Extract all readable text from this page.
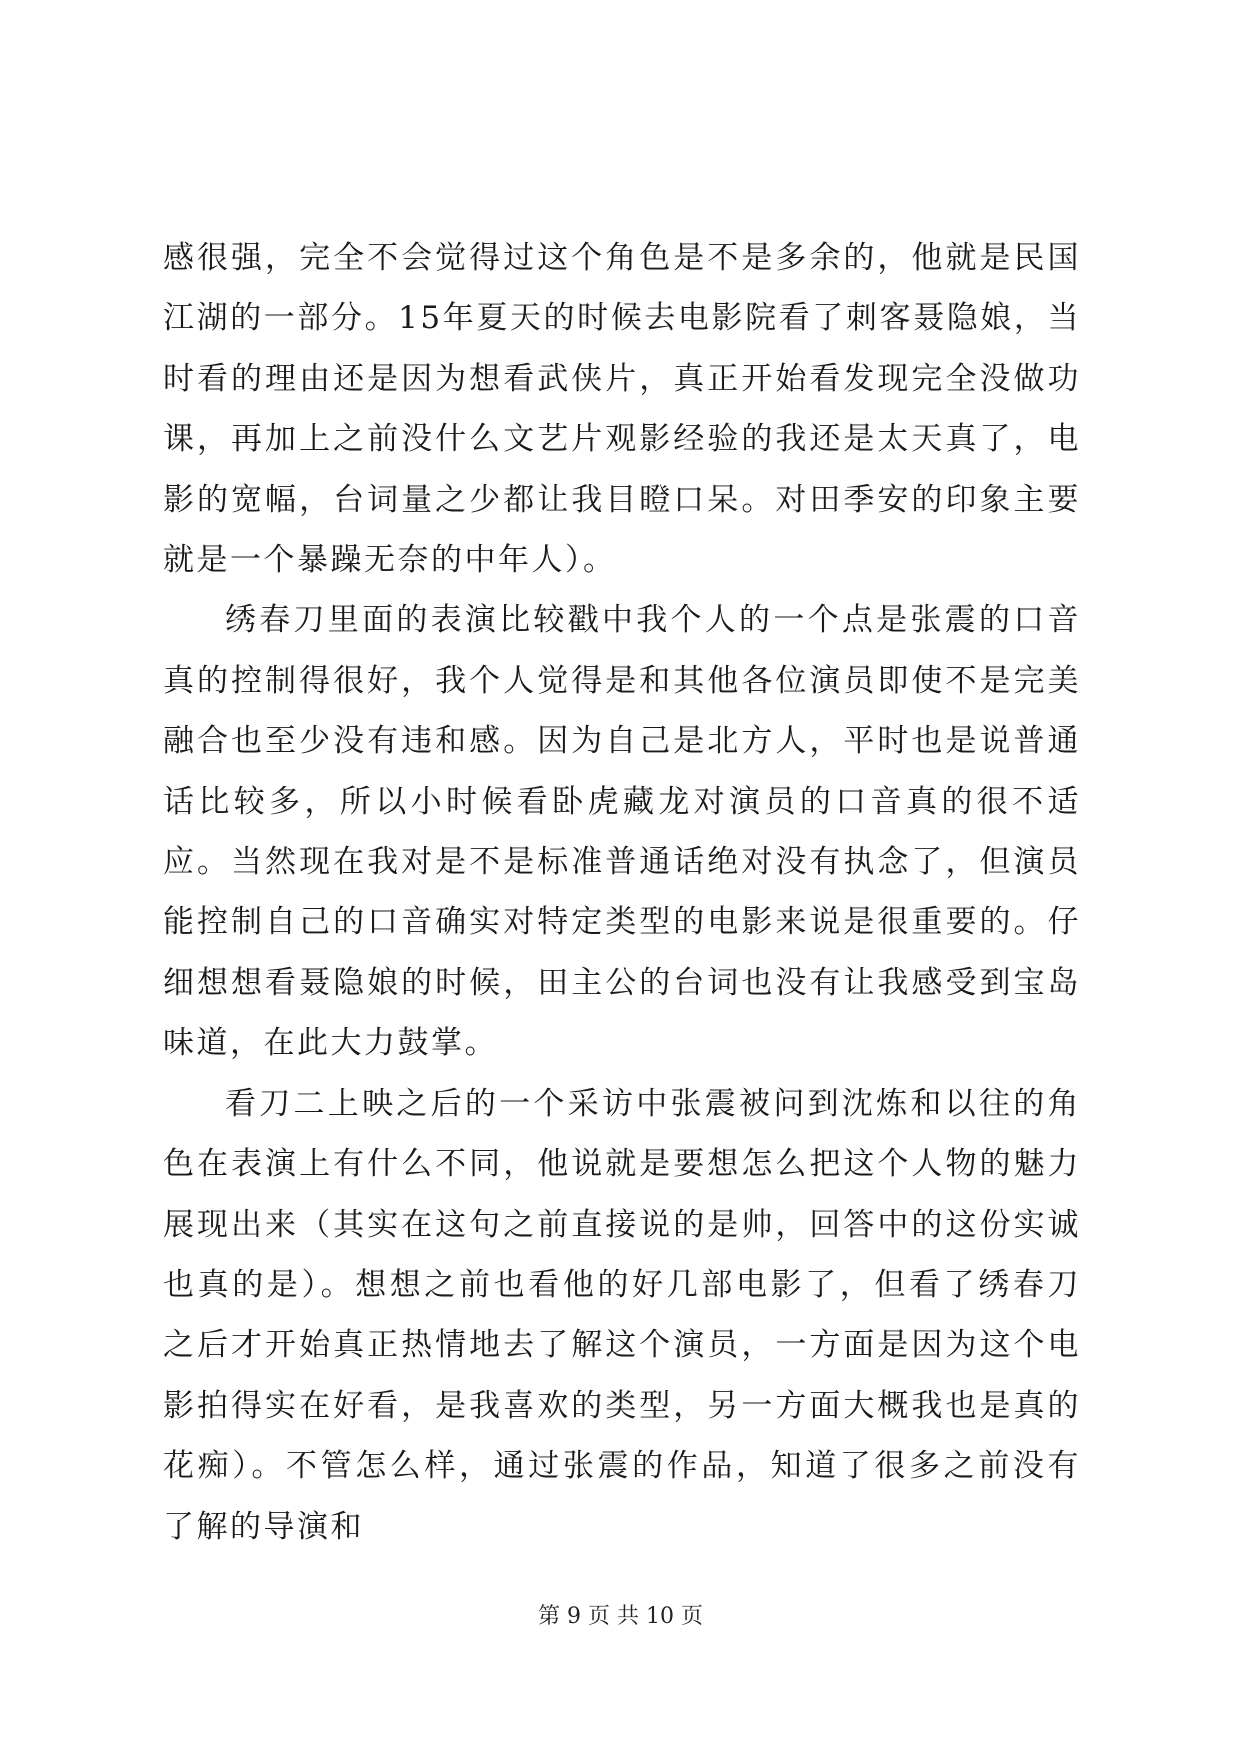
感很强，完全不会觉得过这个角色是不是多余的，他就是民国江湖的一部分。15年夏天的时候去电影院看了刺客聂隐娘，当时看的理由还是因为想看武侠片，真正开始看发现完全没做功课，再加上之前没什么文艺片观影经验的我还是太天真了，电影的宽幅，台词量之少都让我目瞪口呆。对田季安的印象主要就是一个暴躁无奈的中年人）。

绣春刀里面的表演比较戳中我个人的一个点是张震的口音真的控制得很好，我个人觉得是和其他各位演员即使不是完美融合也至少没有违和感。因为自己是北方人，平时也是说普通话比较多，所以小时候看卧虎藏龙对演员的口音真的很不适应。当然现在我对是不是标准普通话绝对没有执念了，但演员能控制自己的口音确实对特定类型的电影来说是很重要的。仔细想想看聂隐娘的时候，田主公的台词也没有让我感受到宝岛味道，在此大力鼓掌。

看刀二上映之后的一个采访中张震被问到沈炼和以往的角色在表演上有什么不同，他说就是要想怎么把这个人物的魅力展现出来（其实在这句之前直接说的是帅，回答中的这份实诚也真的是）。想想之前也看他的好几部电影了，但看了绣春刀之后才开始真正热情地去了解这个演员，一方面是因为这个电影拍得实在好看，是我喜欢的类型，另一方面大概我也是真的花痴）。不管怎么样，通过张震的作品，知道了很多之前没有了解的导演和

第 9 页 共 10 页
